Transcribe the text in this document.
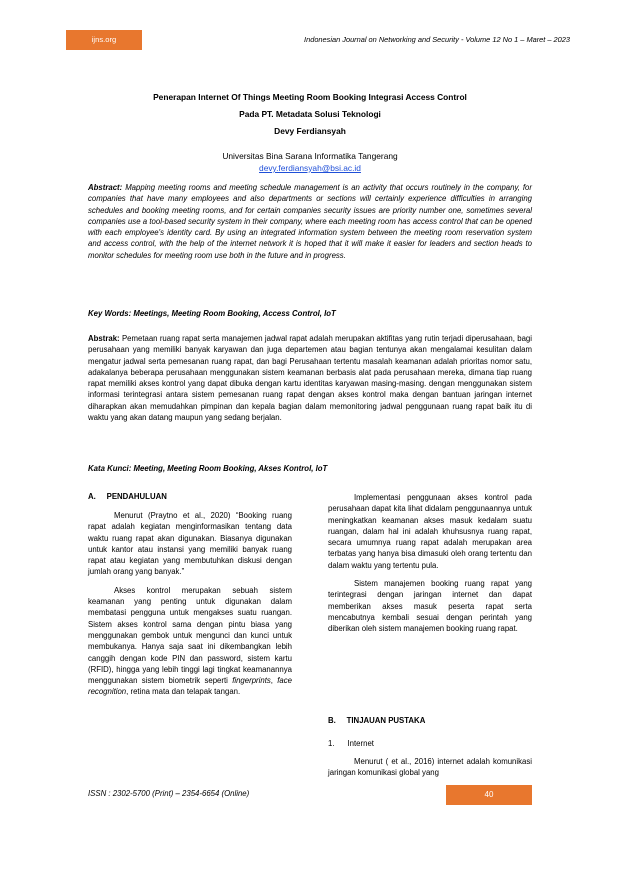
ijns.org	Indonesian Journal on Networking and Security - Volume 12 No 1 – Maret – 2023
Penerapan Internet Of Things Meeting Room Booking Integrasi Access Control
Pada PT. Metadata Solusi Teknologi
Devy Ferdiansyah
Universitas Bina Sarana Informatika Tangerang
devy.ferdiansyah@bsi.ac.id
Abstract: Mapping meeting rooms and meeting schedule management is an activity that occurs routinely in the company, for companies that have many employees and also departments or sections will certainly experience difficulties in arranging schedules and booking meeting rooms, and for certain companies security issues are priority number one, sometimes several companies use a tool-based security system in their company, where each meeting room has access control that can be opened with each employee's identity card. By using an integrated information system between the meeting room reservation system and access control, with the help of the internet network it is hoped that it will make it easier for leaders and section heads to monitor schedules for meeting room use both in the future and in progress.
Key Words: Meetings, Meeting Room Booking, Access Control, IoT
Abstrak: Pemetaan ruang rapat serta manajemen jadwal rapat adalah merupakan aktifitas yang rutin terjadi diperusahaan, bagi perusahaan yang memiliki banyak karyawan dan juga departemen atau bagian tentunya akan mengalamai kesulitan dalam mengatur jadwal serta pemesanan ruang rapat, dan bagi Perusahaan tertentu masalah keamanan adalah prioritas nomor satu, adakalanya beberapa perusahaan menggunakan sistem keamanan berbasis alat pada perusahaan mereka, dimana tiap ruang rapat memiliki akses kontrol yang dapat dibuka dengan kartu identitas karyawan masing-masing. dengan menggunakan sistem informasi terintegrasi antara sistem pemesanan ruang rapat dengan akses kontrol maka dengan bantuan jaringan internet diharapkan akan memudahkan pimpinan dan kepala bagian dalam memonitoring jadwal penggunaan ruang rapat baik itu di waktu yang akan datang maupun yang sedang berjalan.
Kata Kunci: Meeting, Meeting Room Booking, Akses Kontrol, IoT
A.     PENDAHULUAN

Menurut (Praytno et al., 2020) “Booking ruang rapat adalah kegiatan menginformasikan tentang data waktu ruang rapat akan digunakan. Biasanya digunakan untuk kantor atau instansi yang memiliki banyak ruang rapat atau kegiatan yang membutuhkan diskusi dengan jumlah orang yang banyak.”

Akses kontrol merupakan sebuah sistem keamanan yang penting untuk digunakan dalam membatasi pengguna untuk mengakses suatu ruangan. Sistem akses kontrol sama dengan pintu biasa yang menggunakan gembok untuk mengunci dan kunci untuk membukanya. Hanya saja saat ini dikembangkan lebih canggih dengan kode PIN dan password, sistem kartu (RFID), hingga yang lebih tinggi lagi tingkat keamanannya menggunakan sistem biometrik seperti fingerprints, face recognition, retina mata dan telapak tangan.

Implementasi penggunaan akses kontrol pada perusahaan dapat kita lihat didalam penggunaannya untuk meningkatkan keamanan akses masuk kedalam suatu ruangan, dalam hal ini adalah khuhsusnya ruang rapat, secara umumnya ruang rapat adalah merupakan area terbatas yang hanya bisa dimasuki oleh orang tertentu dan dalam waktu yang tertentu pula.

Sistem manajemen booking ruang rapat yang terintegrasi dengan jaringan internet dan dapat memberikan akses masuk peserta rapat serta mencabutnya kembali sesuai dengan perintah yang diberikan oleh sistem manajemen booking ruang rapat.

B.     TINJAUAN PUSTAKA
1.      Internet

Menurut ( et al., 2016) internet adalah komunikasi jaringan komunikasi global yang

ISSN : 2302-5700 (Print) – 2354-6654 (Online)	40
